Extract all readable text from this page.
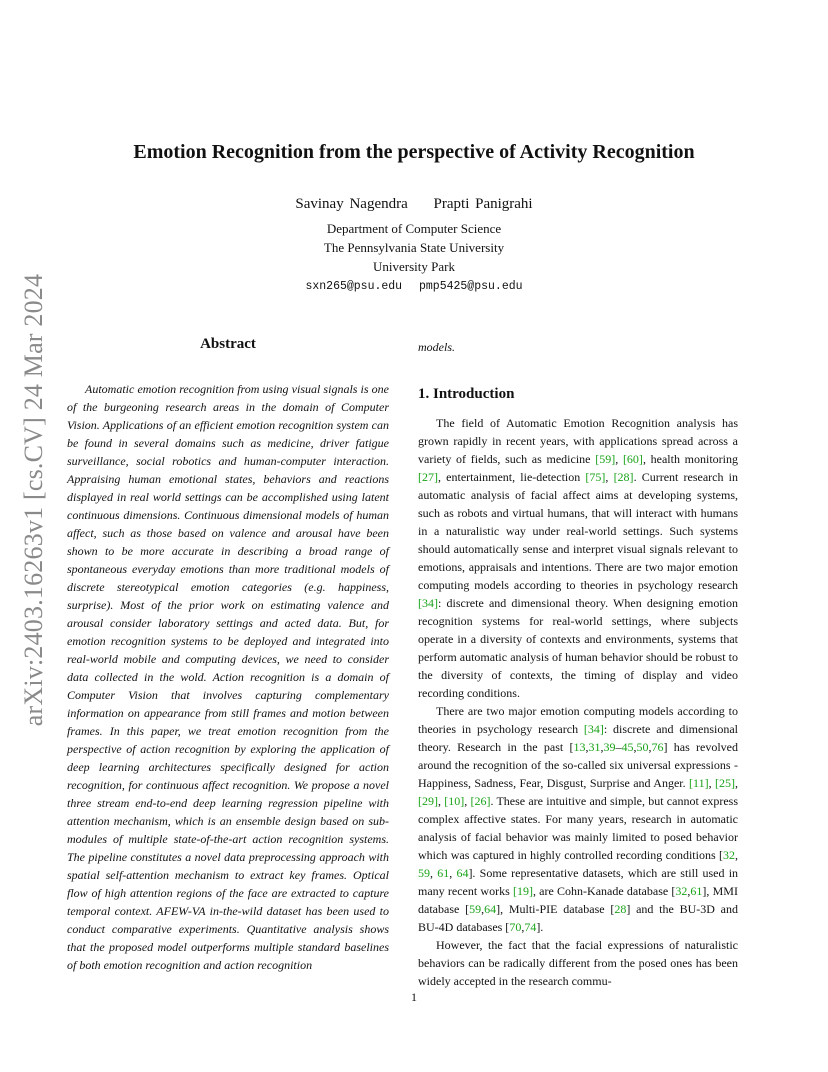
arXiv:2403.16263v1 [cs.CV] 24 Mar 2024
Emotion Recognition from the perspective of Activity Recognition
Savinay Nagendra Prapti Panigrahi
Department of Computer Science
The Pennsylvania State University
University Park
sxn265@psu.edu pmp5425@psu.edu
Abstract
Automatic emotion recognition from using visual signals is one of the burgeoning research areas in the domain of Computer Vision. Applications of an efficient emotion recognition system can be found in several domains such as medicine, driver fatigue surveillance, social robotics and human-computer interaction. Appraising human emotional states, behaviors and reactions displayed in real world settings can be accomplished using latent continuous dimensions. Continuous dimensional models of human affect, such as those based on valence and arousal have been shown to be more accurate in describing a broad range of spontaneous everyday emotions than more traditional models of discrete stereotypical emotion categories (e.g. happiness, surprise). Most of the prior work on estimating valence and arousal consider laboratory settings and acted data. But, for emotion recognition systems to be deployed and integrated into real-world mobile and computing devices, we need to consider data collected in the wold. Action recognition is a domain of Computer Vision that involves capturing complementary information on appearance from still frames and motion between frames. In this paper, we treat emotion recognition from the perspective of action recognition by exploring the application of deep learning architectures specifically designed for action recognition, for continuous affect recognition. We propose a novel three stream end-to-end deep learning regression pipeline with attention mechanism, which is an ensemble design based on sub-modules of multiple state-of-the-art action recognition systems. The pipeline constitutes a novel data preprocessing approach with spatial self-attention mechanism to extract key frames. Optical flow of high attention regions of the face are extracted to capture temporal context. AFEW-VA in-the-wild dataset has been used to conduct comparative experiments. Quantitative analysis shows that the proposed model outperforms multiple standard baselines of both emotion recognition and action recognition
models.
1. Introduction

The field of Automatic Emotion Recognition analysis has grown rapidly in recent years, with applications spread across a variety of fields, such as medicine [59], [60], health monitoring [27], entertainment, lie-detection [75], [28]. Current research in automatic analysis of facial affect aims at developing systems, such as robots and virtual humans, that will interact with humans in a naturalistic way under real-world settings. Such systems should automatically sense and interpret visual signals relevant to emotions, appraisals and intentions. There are two major emotion computing models according to theories in psychology research [34]: discrete and dimensional theory. When designing emotion recognition systems for real-world settings, where subjects operate in a diversity of contexts and environments, systems that perform automatic analysis of human behavior should be robust to the diversity of contexts, the timing of display and video recording conditions.

There are two major emotion computing models according to theories in psychology research [34]: discrete and dimensional theory. Research in the past [13,31,39–45,50,76] has revolved around the recognition of the so-called six universal expressions - Happiness, Sadness, Fear, Disgust, Surprise and Anger. [11], [25], [29], [10], [26]. These are intuitive and simple, but cannot express complex affective states. For many years, research in automatic analysis of facial behavior was mainly limited to posed behavior which was captured in highly controlled recording conditions [32, 59, 61, 64]. Some representative datasets, which are still used in many recent works [19], are Cohn-Kanade database [32,61], MMI database [59,64], Multi-PIE database [28] and the BU-3D and BU-4D databases [70,74].

However, the fact that the facial expressions of naturalistic behaviors can be radically different from the posed ones has been widely accepted in the research commu-

1
